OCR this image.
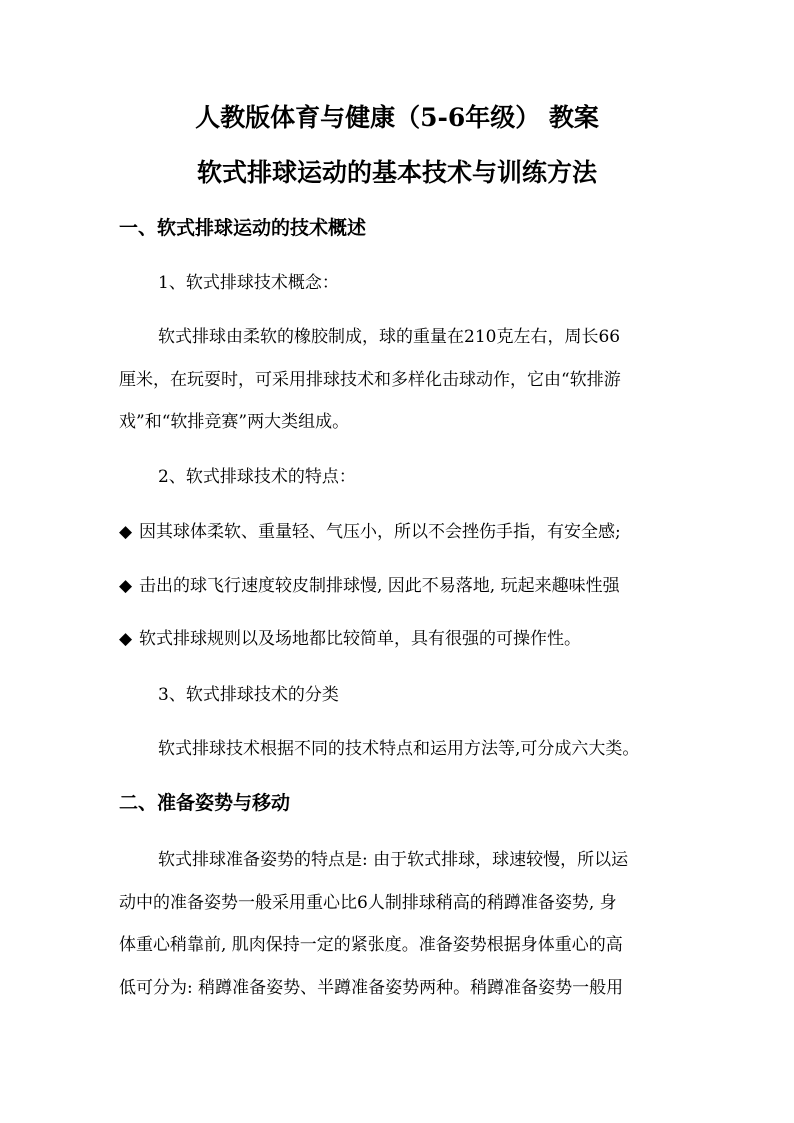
人教版体育与健康（5-6年级） 教案
软式排球运动的基本技术与训练方法
一、软式排球运动的技术概述
1、软式排球技术概念：
软式排球由柔软的橡胶制成，球的重量在210克左右，周长66
厘米，在玩耍时，可采用排球技术和多样化击球动作，它由“软排游
戏”和“软排竞赛”两大类组成。
2、软式排球技术的特点：
◆ 因其球体柔软、重量轻、气压小，所以不会挫伤手指，有安全感;
◆ 击出的球飞行速度较皮制排球慢, 因此不易落地, 玩起来趣味性强
◆ 软式排球规则以及场地都比较简单，具有很强的可操作性。
3、软式排球技术的分类
软式排球技术根据不同的技术特点和运用方法等,可分成六大类。
二、准备姿势与移动
软式排球准备姿势的特点是: 由于软式排球，球速较慢，所以运
动中的准备姿势一般采用重心比6人制排球稍高的稍蹲准备姿势, 身
体重心稍靠前, 肌肉保持一定的紧张度。准备姿势根据身体重心的高
低可分为: 稍蹲准备姿势、半蹲准备姿势两种。稍蹲准备姿势一般用
